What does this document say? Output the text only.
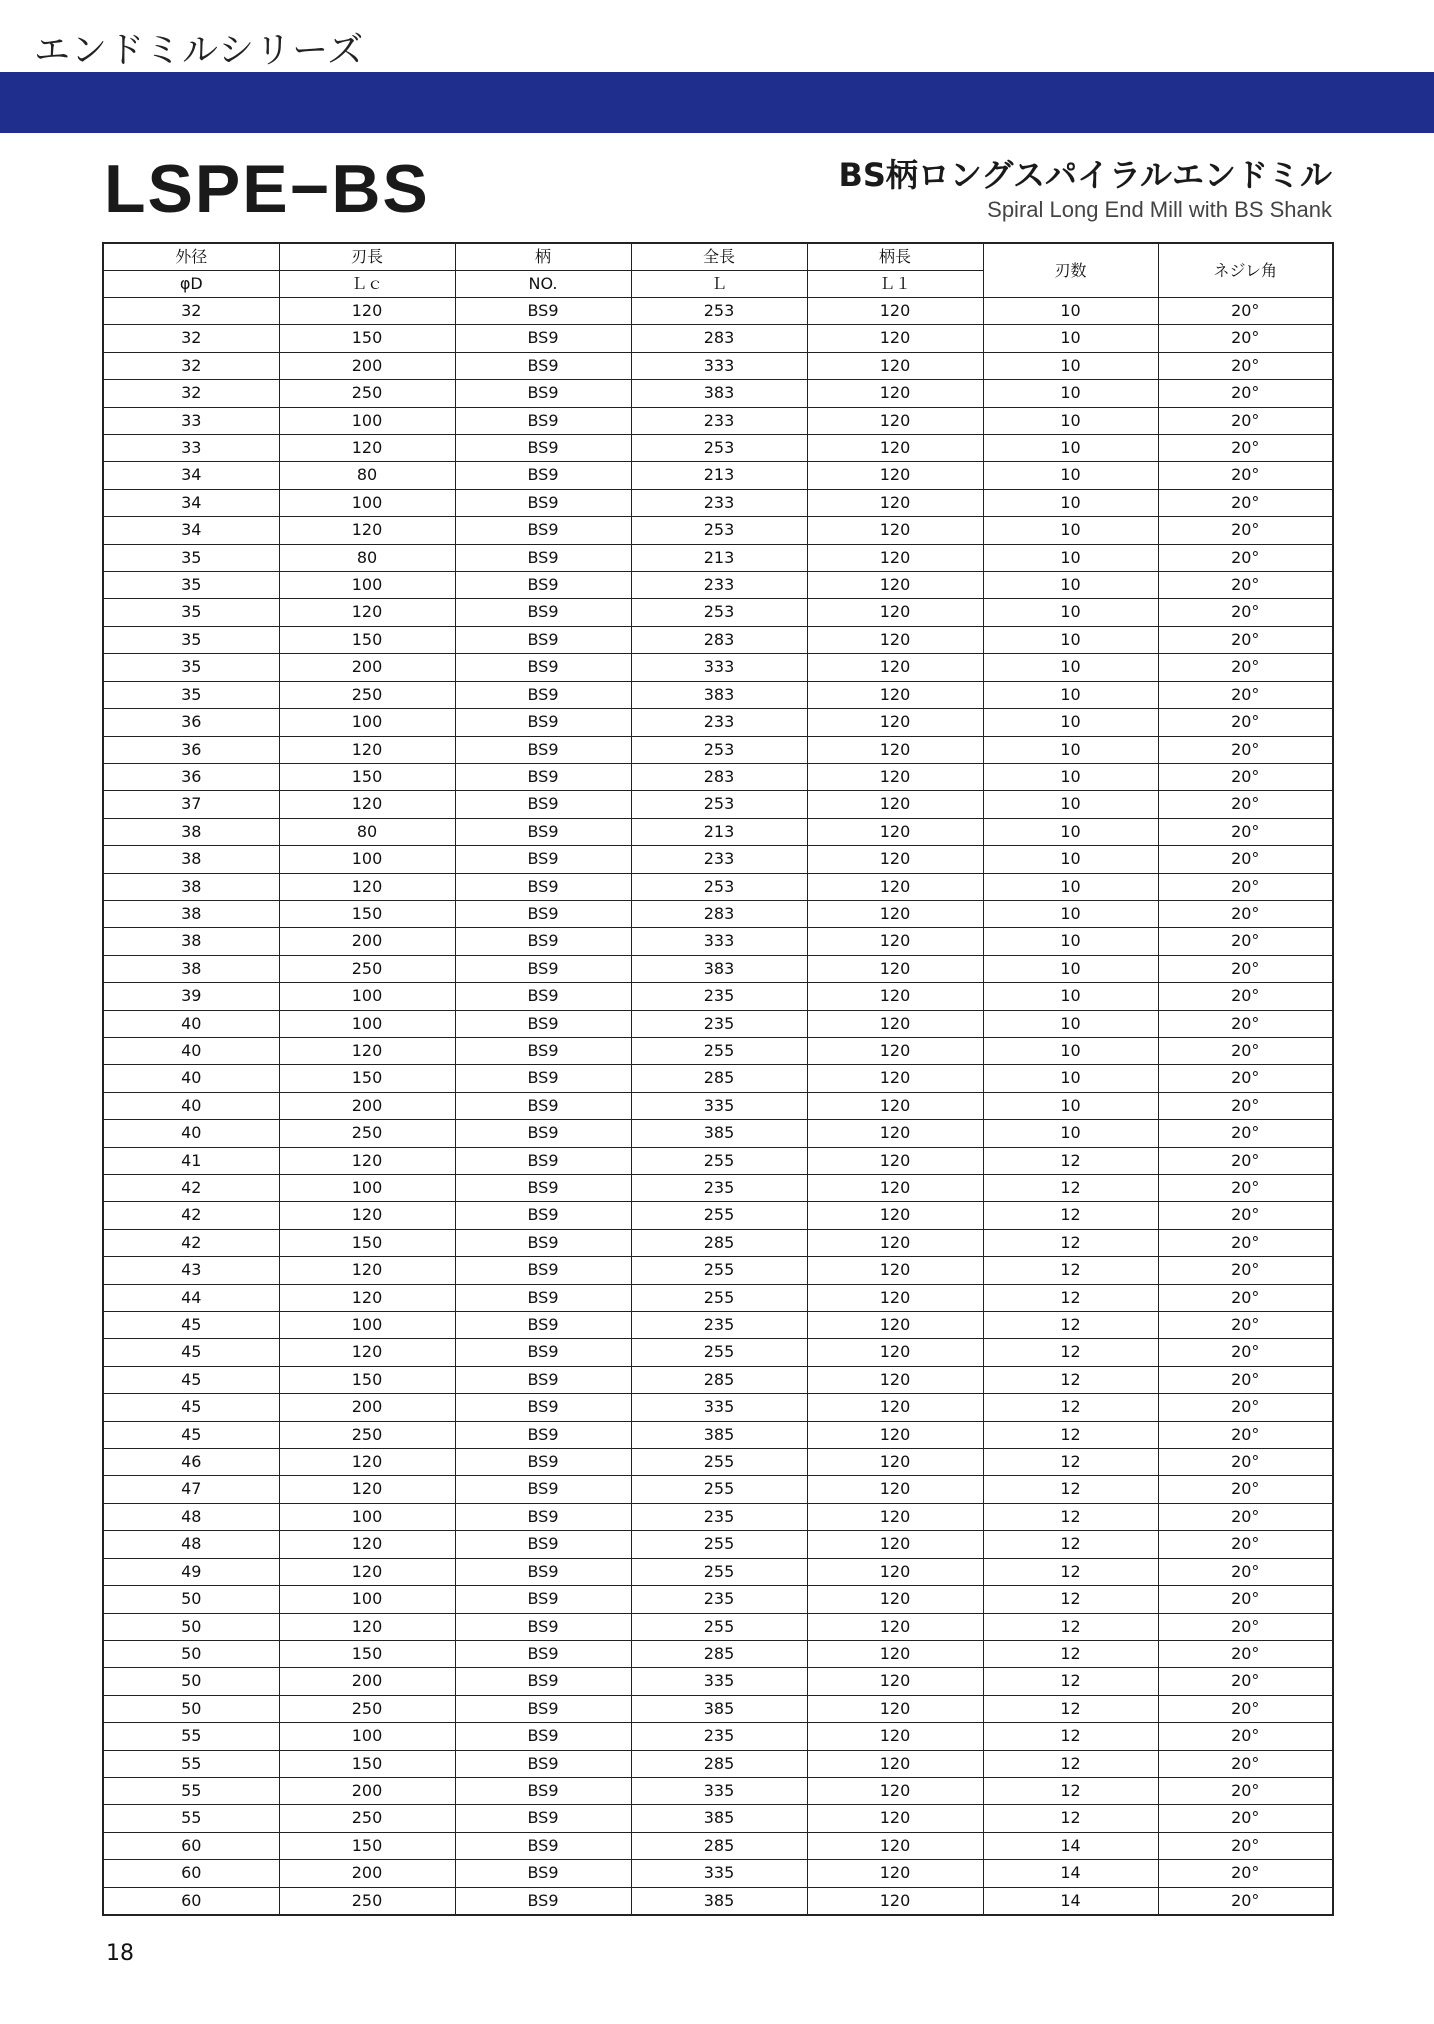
エンドミルシリーズ
LSPE−BS	BS柄ロングスパイラルエンドミル
Spiral Long End Mill with BS Shank
外径	刃長	柄	全長	柄長	刃数	ネジレ角
φD	Ｌｃ	NO.	Ｌ	Ｌ１		
32	120	BS9	253	120	10	20°
32	150	BS9	283	120	10	20°
32	200	BS9	333	120	10	20°
32	250	BS9	383	120	10	20°
33	100	BS9	233	120	10	20°
33	120	BS9	253	120	10	20°
34	80	BS9	213	120	10	20°
34	100	BS9	233	120	10	20°
34	120	BS9	253	120	10	20°
35	80	BS9	213	120	10	20°
35	100	BS9	233	120	10	20°
35	120	BS9	253	120	10	20°
35	150	BS9	283	120	10	20°
35	200	BS9	333	120	10	20°
35	250	BS9	383	120	10	20°
36	100	BS9	233	120	10	20°
36	120	BS9	253	120	10	20°
36	150	BS9	283	120	10	20°
37	120	BS9	253	120	10	20°
38	80	BS9	213	120	10	20°
38	100	BS9	233	120	10	20°
38	120	BS9	253	120	10	20°
38	150	BS9	283	120	10	20°
38	200	BS9	333	120	10	20°
38	250	BS9	383	120	10	20°
39	100	BS9	235	120	10	20°
40	100	BS9	235	120	10	20°
40	120	BS9	255	120	10	20°
40	150	BS9	285	120	10	20°
40	200	BS9	335	120	10	20°
40	250	BS9	385	120	10	20°
41	120	BS9	255	120	12	20°
42	100	BS9	235	120	12	20°
42	120	BS9	255	120	12	20°
42	150	BS9	285	120	12	20°
43	120	BS9	255	120	12	20°
44	120	BS9	255	120	12	20°
45	100	BS9	235	120	12	20°
45	120	BS9	255	120	12	20°
45	150	BS9	285	120	12	20°
45	200	BS9	335	120	12	20°
45	250	BS9	385	120	12	20°
46	120	BS9	255	120	12	20°
47	120	BS9	255	120	12	20°
48	100	BS9	235	120	12	20°
48	120	BS9	255	120	12	20°
49	120	BS9	255	120	12	20°
50	100	BS9	235	120	12	20°
50	120	BS9	255	120	12	20°
50	150	BS9	285	120	12	20°
50	200	BS9	335	120	12	20°
50	250	BS9	385	120	12	20°
55	100	BS9	235	120	12	20°
55	150	BS9	285	120	12	20°
55	200	BS9	335	120	12	20°
55	250	BS9	385	120	12	20°
60	150	BS9	285	120	14	20°
60	200	BS9	335	120	14	20°
60	250	BS9	385	120	14	20°
18
